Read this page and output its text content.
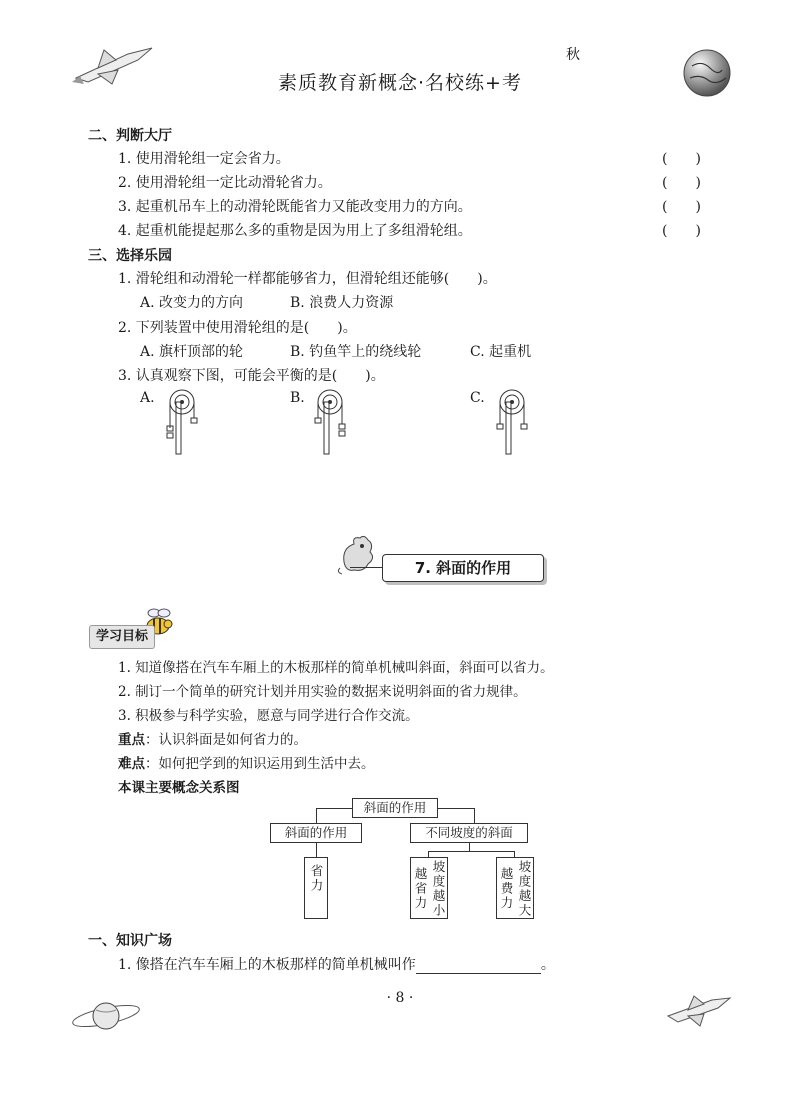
秋
素质教育新概念·名校练+考
二、判断大厅
1. 使用滑轮组一定会省力。	(　　)
2. 使用滑轮组一定比动滑轮省力。	(　　)
3. 起重机吊车上的动滑轮既能省力又能改变用力的方向。	(　　)
4. 起重机能提起那么多的重物是因为用上了多组滑轮组。	(　　)
三、选择乐园
1. 滑轮组和动滑轮一样都能够省力，但滑轮组还能够(　　)。
A. 改变力的方向	B. 浪费人力资源
2. 下列装置中使用滑轮组的是(　　)。
A. 旗杆顶部的轮	B. 钓鱼竿上的绕线轮	C. 起重机
3. 认真观察下图，可能会平衡的是(　　)。
A.	B.	C.
7. 斜面的作用
学习目标
1. 知道像搭在汽车车厢上的木板那样的简单机械叫斜面，斜面可以省力。
2. 制订一个简单的研究计划并用实验的数据来说明斜面的省力规律。
3. 积极参与科学实验，愿意与同学进行合作交流。
重点：认识斜面是如何省力的。
难点：如何把学到的知识运用到生活中去。
本课主要概念关系图
斜面的作用
斜面的作用	不同坡度的斜面
省力	坡度越小越省力	坡度越大越费力
一、知识广场
1. 像搭在汽车车厢上的木板那样的简单机械叫作	。
· 8 ·
